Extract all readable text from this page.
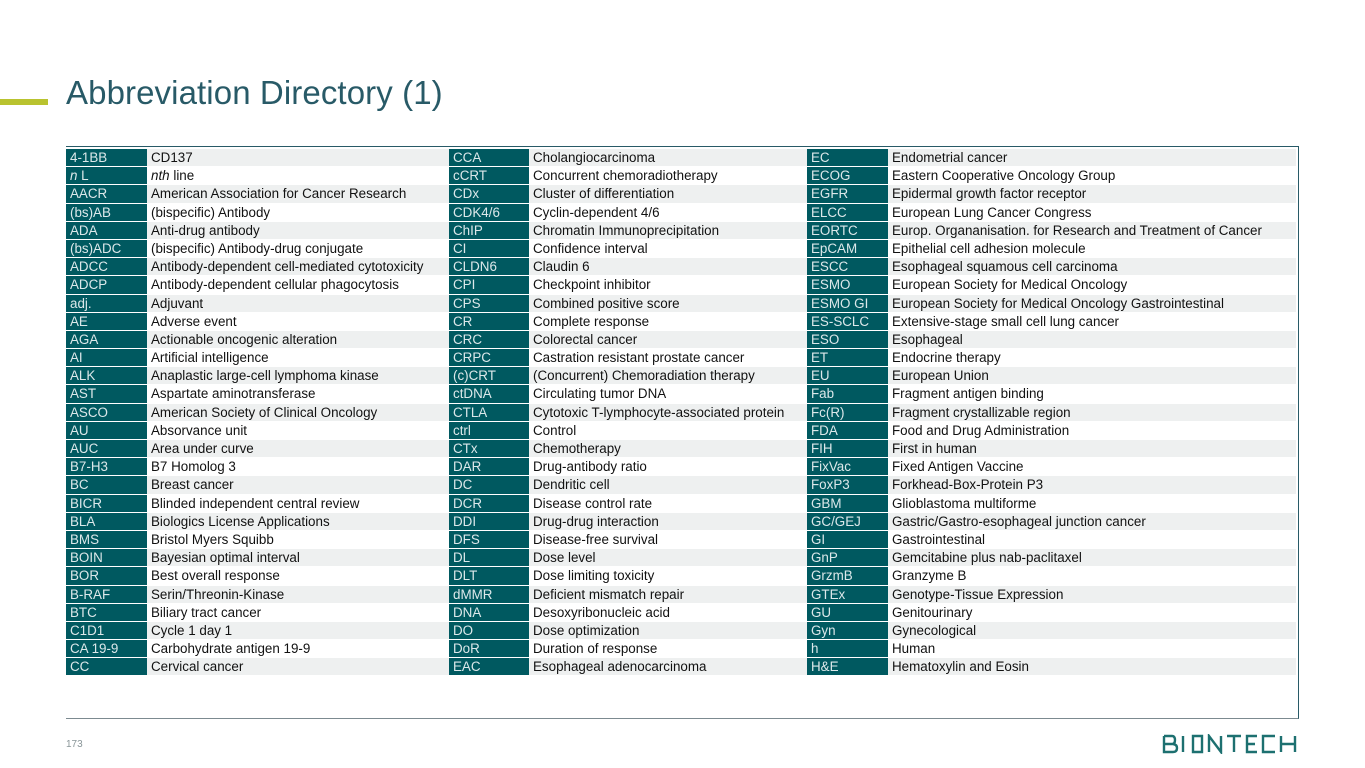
Abbreviation Directory (1)
4-1BB	CD137
n L	nth line
AACR	American Association for Cancer Research
(bs)AB	(bispecific) Antibody
ADA	Anti-drug antibody
(bs)ADC	(bispecific) Antibody-drug conjugate
ADCC	Antibody-dependent cell-mediated cytotoxicity
ADCP	Antibody-dependent cellular phagocytosis
adj.	Adjuvant
AE	Adverse event
AGA	Actionable oncogenic alteration
AI	Artificial intelligence
ALK	Anaplastic large-cell lymphoma kinase
AST	Aspartate aminotransferase
ASCO	American Society of Clinical Oncology
AU	Absorvance unit
AUC	Area under curve
B7-H3	B7 Homolog 3
BC	Breast cancer
BICR	Blinded independent central review
BLA	Biologics License Applications
BMS	Bristol Myers Squibb
BOIN	Bayesian optimal interval
BOR	Best overall response
B-RAF	Serin/Threonin-Kinase
BTC	Biliary tract cancer
C1D1	Cycle 1 day 1
CA 19-9	Carbohydrate antigen 19-9
CC	Cervical cancer
CCA	Cholangiocarcinoma
cCRT	Concurrent chemoradiotherapy
CDx	Cluster of differentiation
CDK4/6	Cyclin-dependent 4/6
ChIP	Chromatin Immunoprecipitation
CI	Confidence interval
CLDN6	Claudin 6
CPI	Checkpoint inhibitor
CPS	Combined positive score
CR	Complete response
CRC	Colorectal cancer
CRPC	Castration resistant prostate cancer
(c)CRT	(Concurrent) Chemoradiation therapy
ctDNA	Circulating tumor DNA
CTLA	Cytotoxic T-lymphocyte-associated protein
ctrl	Control
CTx	Chemotherapy
DAR	Drug-antibody ratio
DC	Dendritic cell
DCR	Disease control rate
DDI	Drug-drug interaction
DFS	Disease-free survival
DL	Dose level
DLT	Dose limiting toxicity
dMMR	Deficient mismatch repair
DNA	Desoxyribonucleic acid
DO	Dose optimization
DoR	Duration of response
EAC	Esophageal adenocarcinoma
EC	Endometrial cancer
ECOG	Eastern Cooperative Oncology Group
EGFR	Epidermal growth factor receptor
ELCC	European Lung Cancer Congress
EORTC	Europ. Organanisation. for Research and Treatment of Cancer
EpCAM	Epithelial cell adhesion molecule
ESCC	Esophageal squamous cell carcinoma
ESMO	European Society for Medical Oncology
ESMO GI	European Society for Medical Oncology Gastrointestinal
ES-SCLC	Extensive-stage small cell lung cancer
ESO	Esophageal
ET	Endocrine therapy
EU	European Union
Fab	Fragment antigen binding
Fc(R)	Fragment crystallizable region
FDA	Food and Drug Administration
FIH	First in human
FixVac	Fixed Antigen Vaccine
FoxP3	Forkhead-Box-Protein P3
GBM	Glioblastoma multiforme
GC/GEJ	Gastric/Gastro-esophageal junction cancer
GI	Gastrointestinal
GnP	Gemcitabine plus nab-paclitaxel
GrzmB	Granzyme B
GTEx	Genotype-Tissue Expression
GU	Genitourinary
Gyn	Gynecological
h	Human
H&E	Hematoxylin and Eosin
173
